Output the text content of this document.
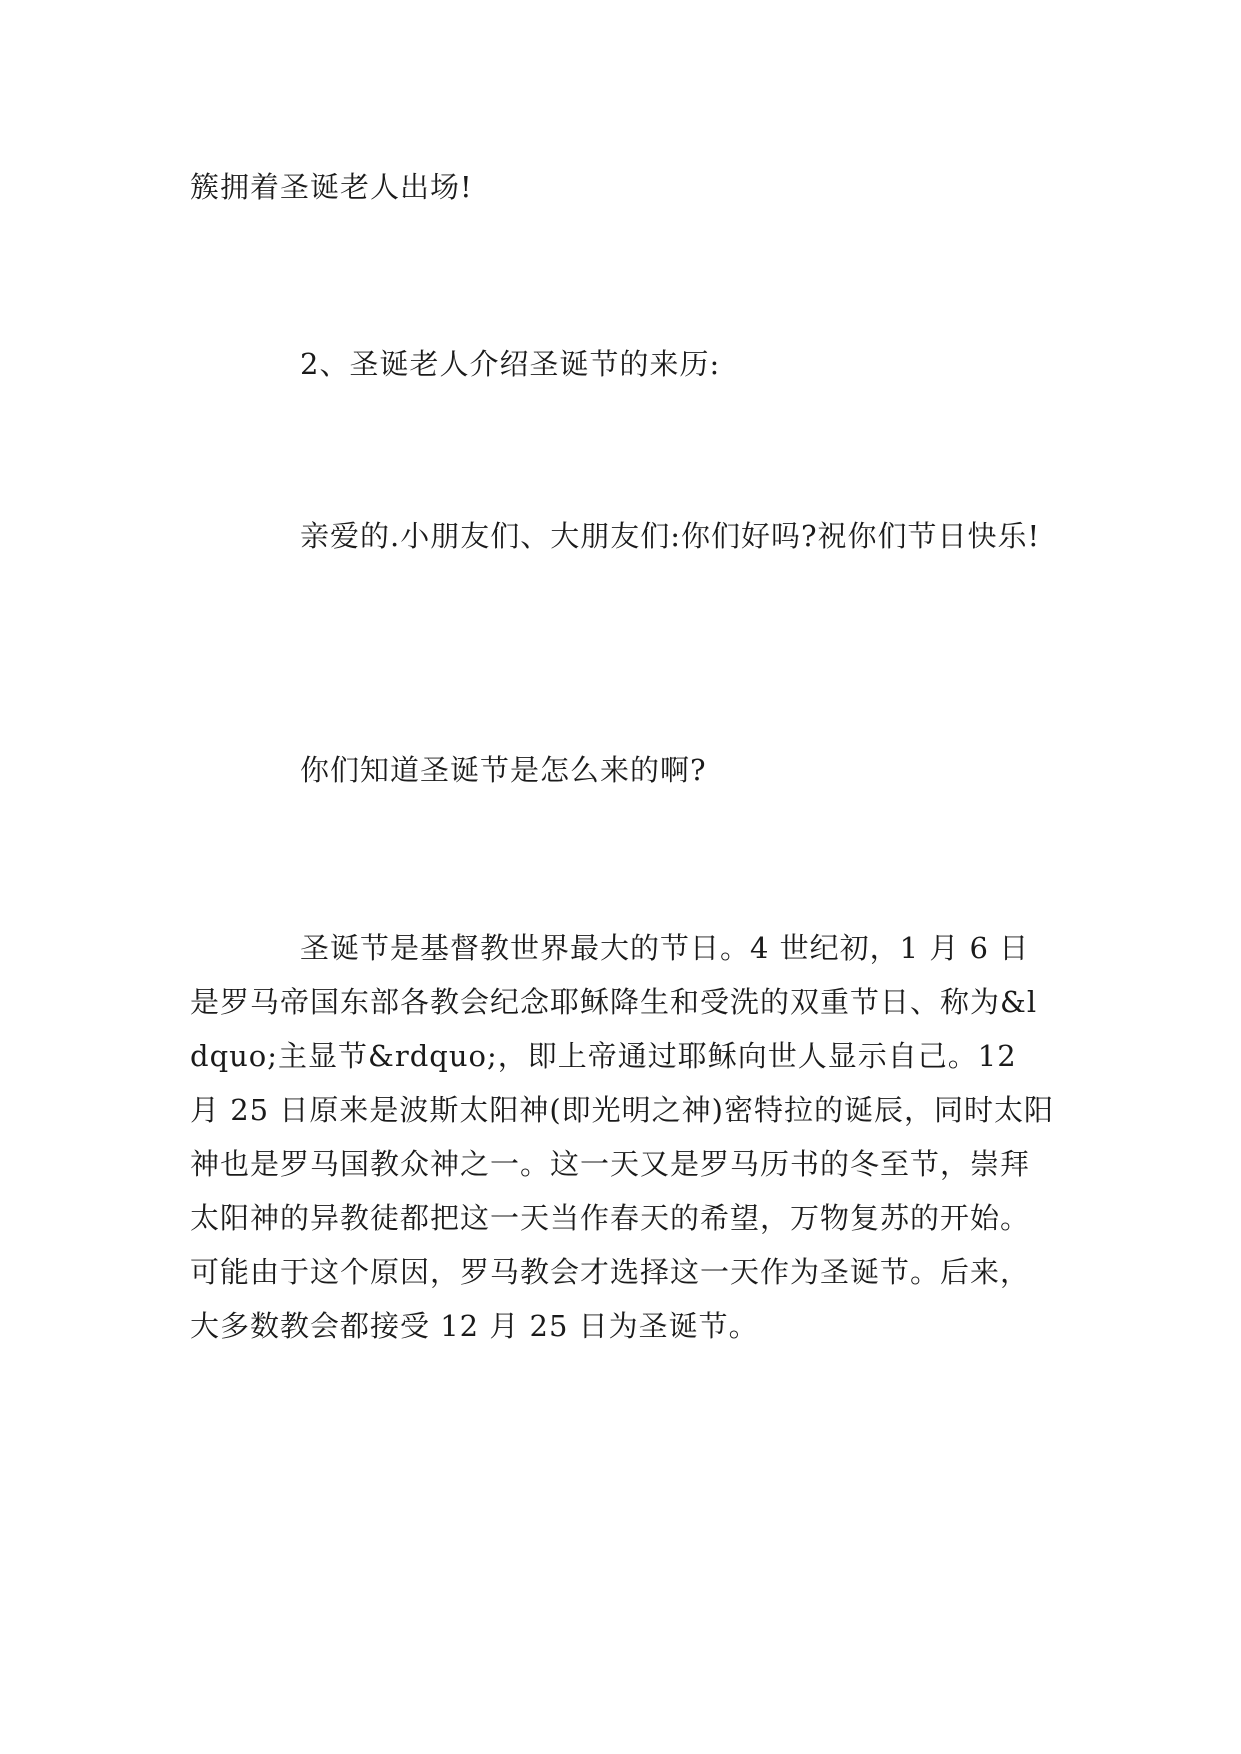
簇拥着圣诞老人出场!

2、圣诞老人介绍圣诞节的来历:

亲爱的.小朋友们、大朋友们:你们好吗?祝你们节日快乐!

你们知道圣诞节是怎么来的啊?

圣诞节是基督教世界最大的节日。4 世纪初，1 月 6 日是罗马帝国东部各教会纪念耶稣降生和受洗的双重节日、称为&ldquo;主显节&rdquo;，即上帝通过耶稣向世人显示自己。12 月 25 日原来是波斯太阳神(即光明之神)密特拉的诞辰，同时太阳神也是罗马国教众神之一。这一天又是罗马历书的冬至节，崇拜太阳神的异教徒都把这一天当作春天的希望，万物复苏的开始。可能由于这个原因，罗马教会才选择这一天作为圣诞节。后来，大多数教会都接受 12 月 25 日为圣诞节。
